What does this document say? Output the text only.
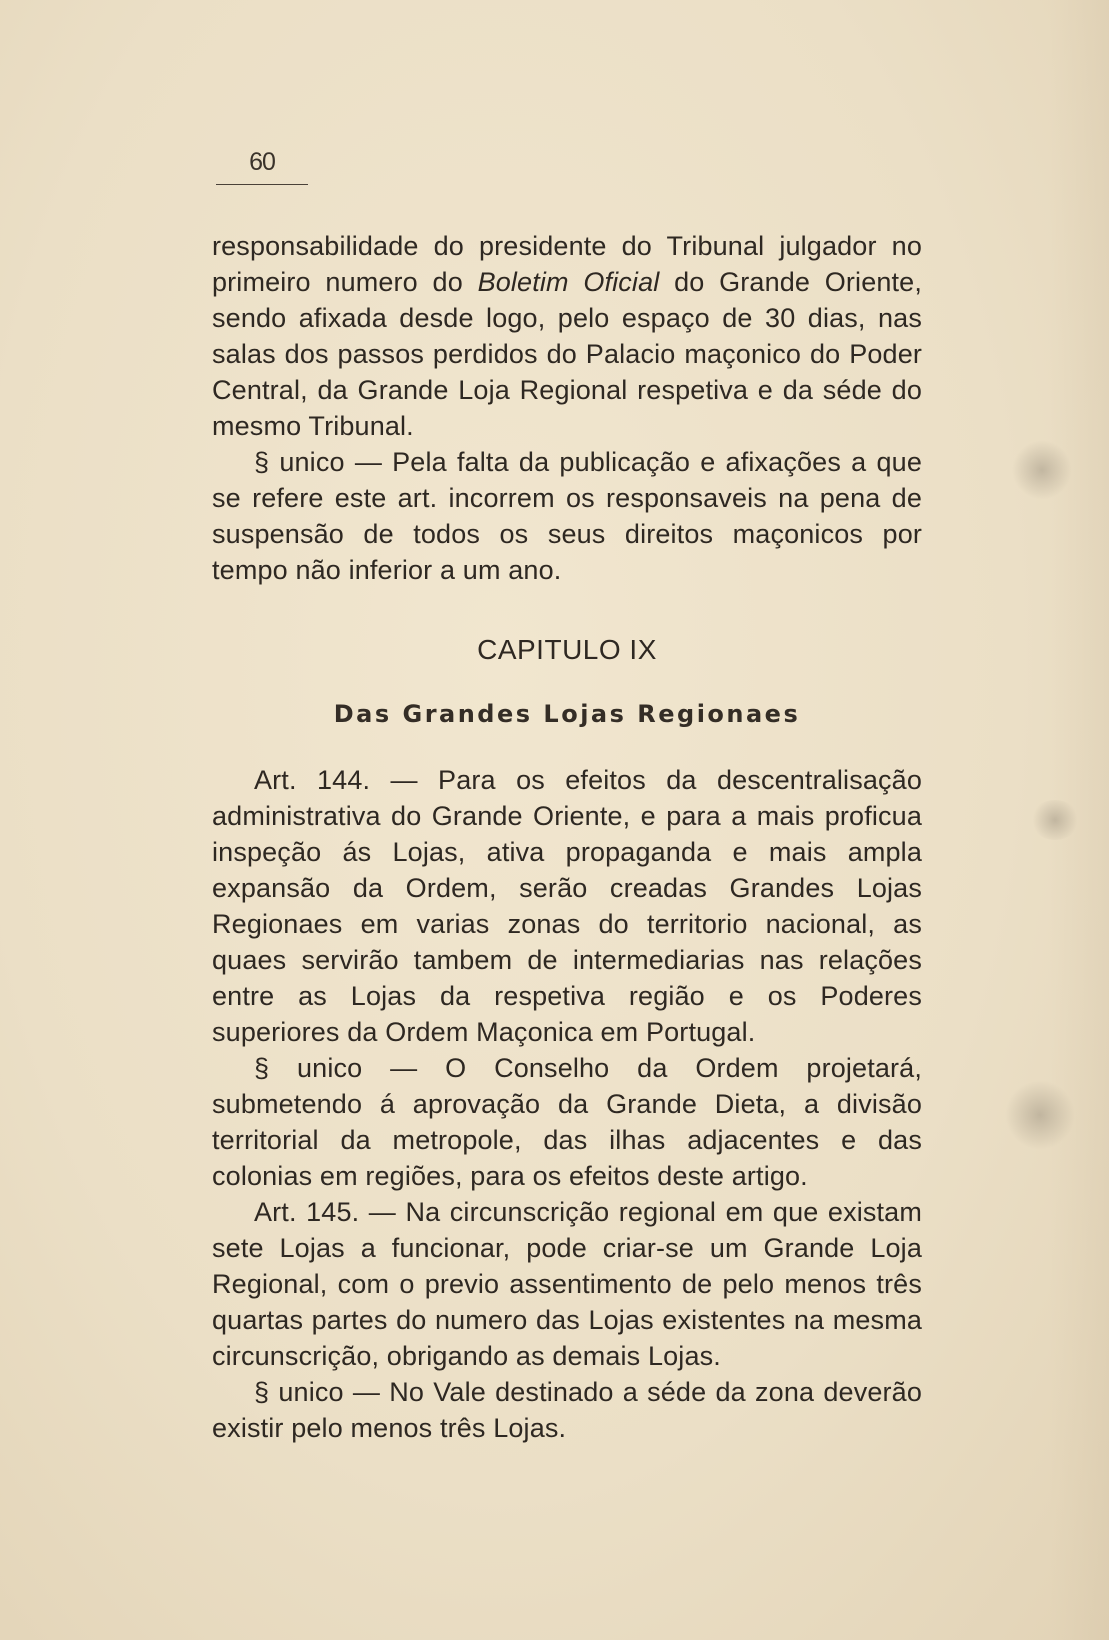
60

responsabilidade do presidente do Tribunal julgador no primeiro numero do Boletim Oficial do Grande Oriente, sendo afixada desde logo, pelo espaço de 30 dias, nas salas dos passos perdidos do Palacio maçonico do Poder Central, da Grande Loja Regional respetiva e da séde do mesmo Tribunal.

§ unico — Pela falta da publicação e afixações a que se refere este art. incorrem os responsaveis na pena de suspensão de todos os seus direitos maçonicos por tempo não inferior a um ano.

CAPITULO IX
Das Grandes Lojas Regionaes

Art. 144. — Para os efeitos da descentralisação administrativa do Grande Oriente, e para a mais proficua inspeção ás Lojas, ativa propaganda e mais ampla expansão da Ordem, serão creadas Grandes Lojas Regionaes em varias zonas do territorio nacional, as quaes servirão tambem de intermediarias nas relações entre as Lojas da respetiva região e os Poderes superiores da Ordem Maçonica em Portugal.

§ unico — O Conselho da Ordem projetará, submetendo á aprovação da Grande Dieta, a divisão territorial da metropole, das ilhas adjacentes e das colonias em regiões, para os efeitos deste artigo.

Art. 145. — Na circunscrição regional em que existam sete Lojas a funcionar, pode criar-se um Grande Loja Regional, com o previo assentimento de pelo menos três quartas partes do numero das Lojas existentes na mesma circunscrição, obrigando as demais Lojas.

§ unico — No Vale destinado a séde da zona deverão existir pelo menos três Lojas.
